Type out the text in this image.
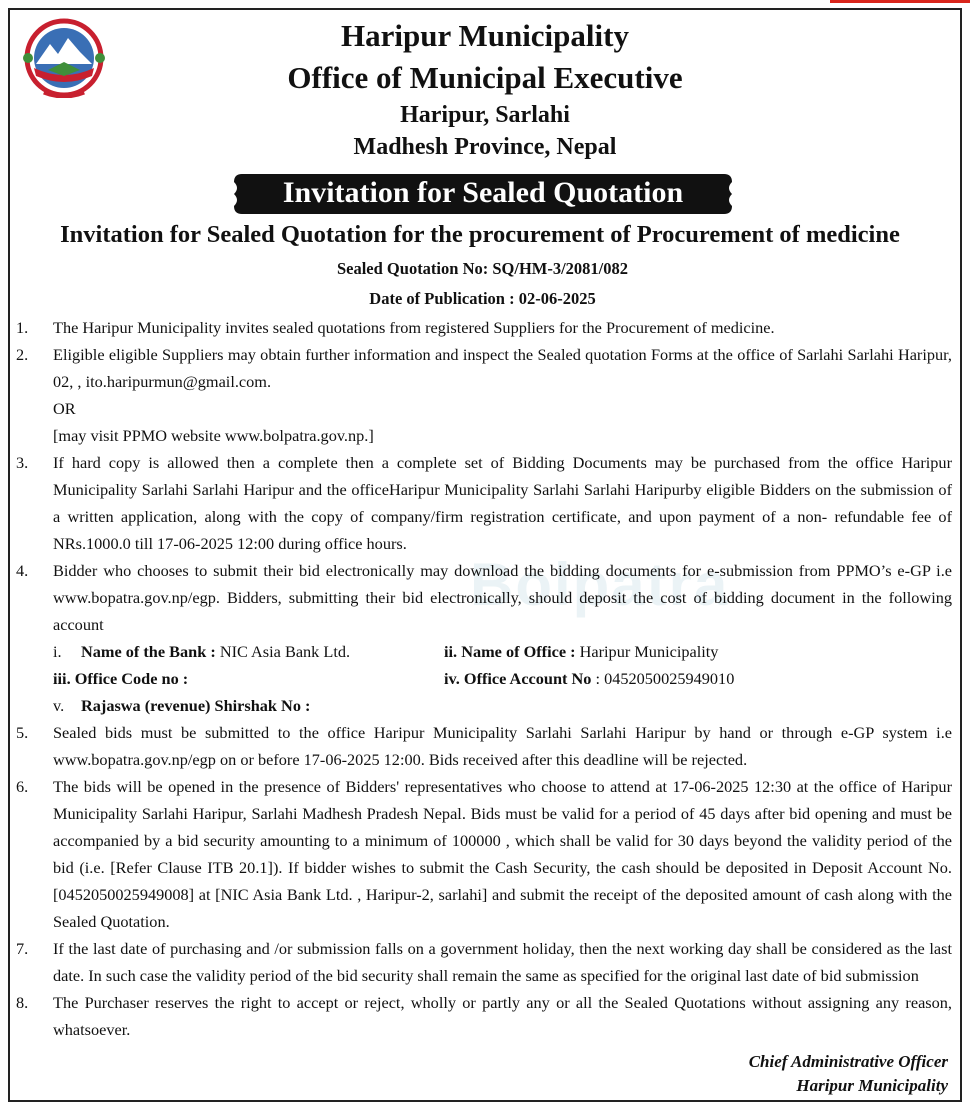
Haripur Municipality
Office of Municipal Executive
Haripur, Sarlahi
Madhesh Province, Nepal
Invitation for Sealed Quotation
Invitation for Sealed Quotation for the procurement of Procurement of medicine
Sealed Quotation No: SQ/HM-3/2081/082
Date of Publication : 02-06-2025
Bolpatra
1.	The Haripur Municipality invites sealed quotations from registered Suppliers for the Procurement of medicine.
2.	Eligible eligible Suppliers may obtain further information and inspect the Sealed quotation Forms at the office of Sarlahi Sarlahi Haripur, 02, , ito.haripurmun@gmail.com.
OR
[may visit PPMO website www.bolpatra.gov.np.]
3.	If hard copy is allowed then a complete then a complete set of Bidding Documents may be purchased from the office Haripur Municipality Sarlahi Sarlahi Haripur and the officeHaripur Municipality Sarlahi Sarlahi Haripurby eligible Bidders on the submission of a written application, along with the copy of company/firm registration certificate, and upon payment of a non- refundable fee of NRs.1000.0 till 17-06-2025 12:00 during office hours.
4.	Bidder who chooses to submit their bid electronically may download the bidding documents for e-submission from PPMO’s e-GP i.e www.bopatra.gov.np/egp. Bidders, submitting their bid electronically, should deposit the cost of bidding document in the following account
i. Name of the Bank : NIC Asia Bank Ltd.	ii. Name of Office : Haripur Municipality
iii. Office Code no :	iv. Office Account No : 0452050025949010
v. Rajaswa (revenue) Shirshak No :
5.	Sealed bids must be submitted to the office Haripur Municipality Sarlahi Sarlahi Haripur by hand or through e-GP system i.e www.bopatra.gov.np/egp on or before 17-06-2025 12:00. Bids received after this deadline will be rejected.
6.	The bids will be opened in the presence of Bidders' representatives who choose to attend at 17-06-2025 12:30 at the office of Haripur Municipality Sarlahi Haripur, Sarlahi Madhesh Pradesh Nepal. Bids must be valid for a period of 45 days after bid opening and must be accompanied by a bid security amounting to a minimum of 100000 , which shall be valid for 30 days beyond the validity period of the bid (i.e. [Refer Clause ITB 20.1]). If bidder wishes to submit the Cash Security, the cash should be deposited in Deposit Account No.[0452050025949008] at [NIC Asia Bank Ltd. , Haripur-2, sarlahi] and submit the receipt of the deposited amount of cash along with the Sealed Quotation.
7.	If the last date of purchasing and /or submission falls on a government holiday, then the next working day shall be considered as the last date. In such case the validity period of the bid security shall remain the same as specified for the original last date of bid submission
8.	The Purchaser reserves the right to accept or reject, wholly or partly any or all the Sealed Quotations without assigning any reason, whatsoever.
Chief Administrative Officer
Haripur Municipality
